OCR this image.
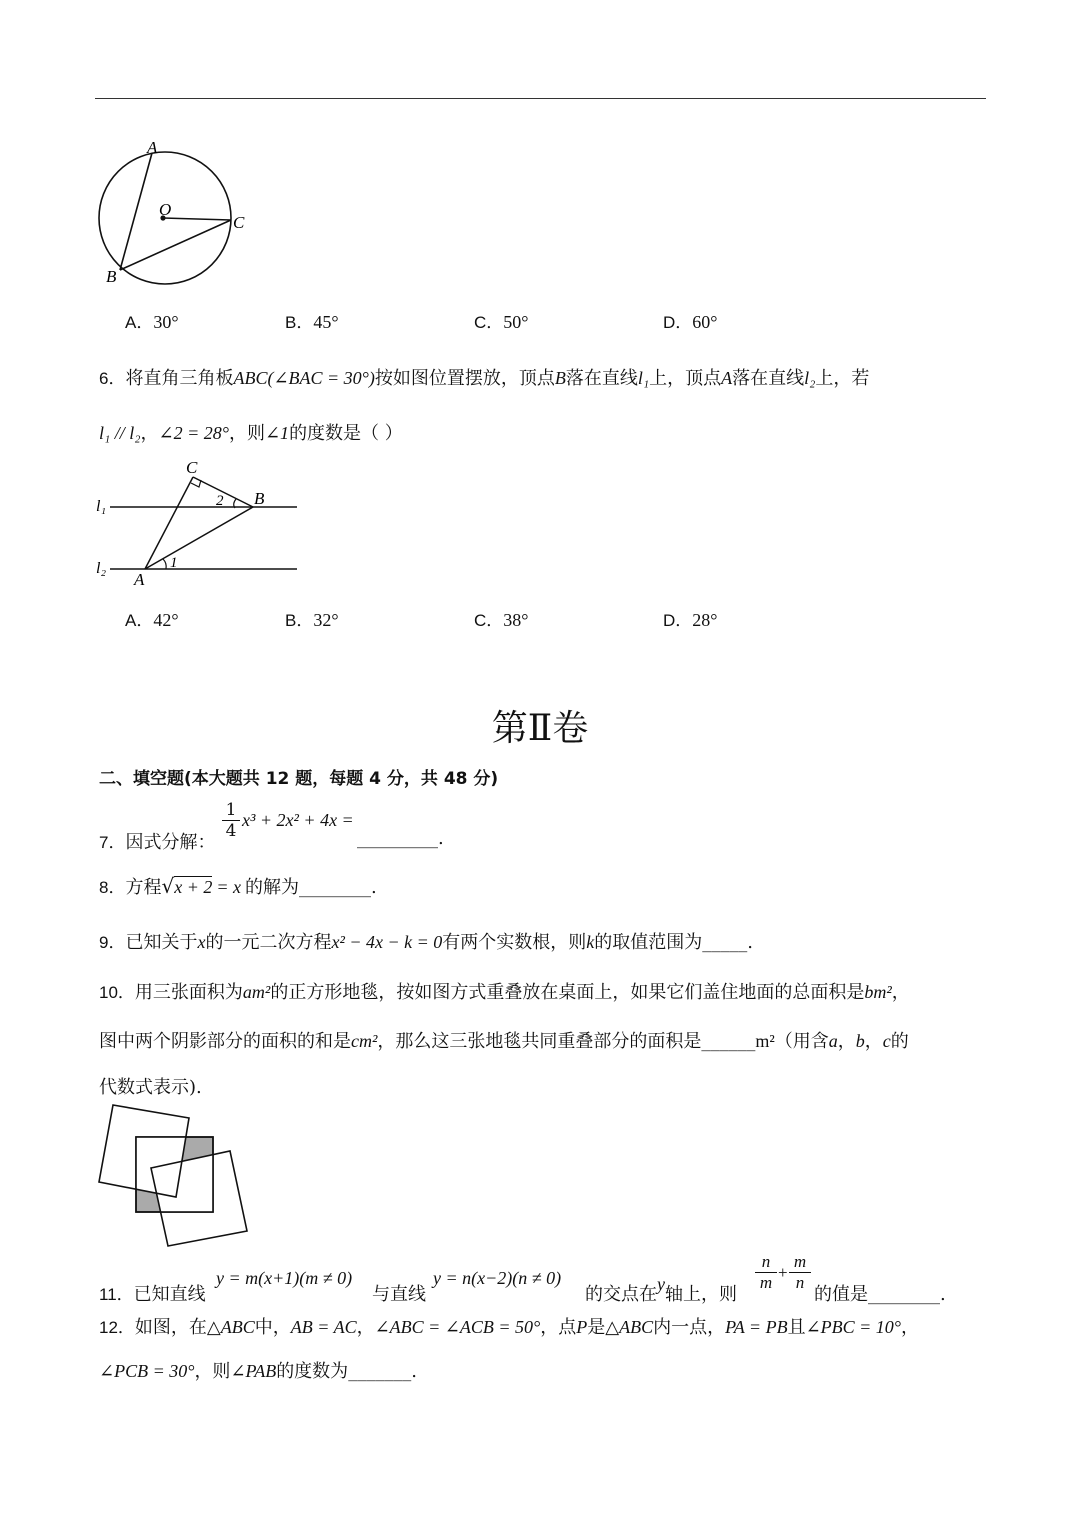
A
O
C
B
A．30°	B．45°	C．50°	D．60°
6．将直角三角板ABC(∠BAC = 30°)按如图位置摆放，顶点B落在直线l₁上，顶点A落在直线l₂上，若
l₁ // l₂，∠2 = 28°，则∠1的度数是（ ）
C
B
A
l₁
l₂	1
2
A．42°	B．32°	C．38°	D．28°
第Ⅱ卷
二、填空题(本大题共 12 题，每题 4 分，共 48 分)
7．因式分解：
$\frac{1}{4} x^3 + 2x^2 + 4x$ =
_________.
8．方程√x + 2 = x 的解为________.
9．已知关于x的一元二次方程x² − 4x − k = 0有两个实数根，则k的取值范围为_____.
10．用三张面积为am²的正方形地毯，按如图方式重叠放在桌面上，如果它们盖住地面的总面积是bm²，
图中两个阴影部分的面积的和是cm²，那么这三张地毯共同重叠部分的面积是______m²（用含a，b，c的
代数式表示).
11．已知直线
y = m(x+1)(m ≠ 0)
与直线
y = n(x−2)(n ≠ 0)
的交点在y轴上，则
$\frac{n}{m} + \frac{m}{n}$
的值是________.
12．如图，在△ABC中，AB = AC，∠ABC = ∠ACB = 50°，点P是△ABC内一点，PA = PB且∠PBC = 10°，
∠PCB = 30°，则∠PAB的度数为_______.
